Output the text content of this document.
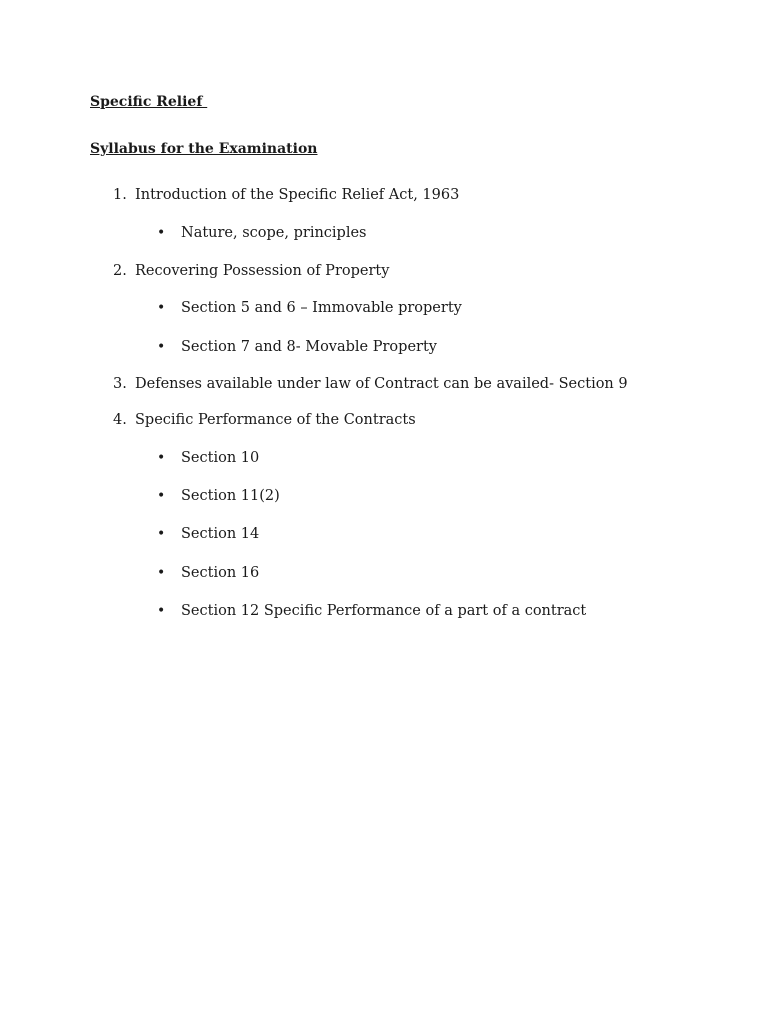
Specific Relief
Syllabus for the Examination
1. Introduction of the Specific Relief Act, 1963
• Nature, scope, principles
2. Recovering Possession of Property
• Section 5 and 6 – Immovable property
• Section 7 and 8- Movable Property
3. Defenses available under law of Contract can be availed- Section 9
4. Specific Performance of the Contracts
• Section 10
• Section 11(2)
• Section 14
• Section 16
• Section 12 Specific Performance of a part of a contract
